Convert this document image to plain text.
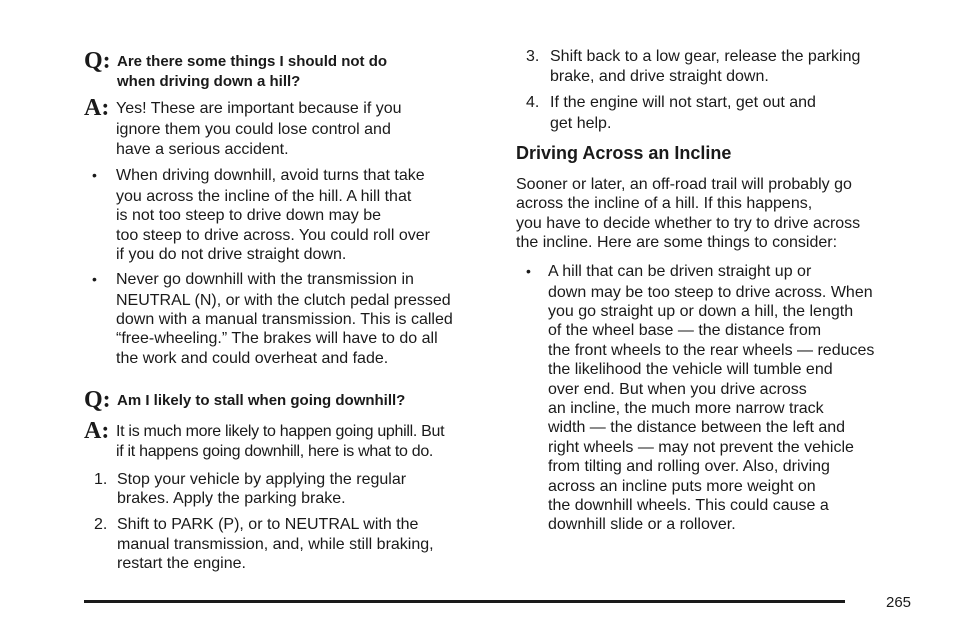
Q: Are there some things I should not do
when driving down a hill?
A: Yes! These are important because if you
ignore them you could lose control and
have a serious accident.
• When driving downhill, avoid turns that take
you across the incline of the hill. A hill that
is not too steep to drive down may be
too steep to drive across. You could roll over
if you do not drive straight down.
• Never go downhill with the transmission in
NEUTRAL (N), or with the clutch pedal pressed
down with a manual transmission. This is called
“free-wheeling.” The brakes will have to do all
the work and could overheat and fade.
Q: Am I likely to stall when going downhill?
A: It is much more likely to happen going uphill. But
if it happens going downhill, here is what to do.
1. Stop your vehicle by applying the regular
brakes. Apply the parking brake.
2. Shift to PARK (P), or to NEUTRAL with the
manual transmission, and, while still braking,
restart the engine.
3. Shift back to a low gear, release the parking
brake, and drive straight down.
4. If the engine will not start, get out and
get help.
Driving Across an Incline
Sooner or later, an off-road trail will probably go
across the incline of a hill. If this happens,
you have to decide whether to try to drive across
the incline. Here are some things to consider:
• A hill that can be driven straight up or
down may be too steep to drive across. When
you go straight up or down a hill, the length
of the wheel base — the distance from
the front wheels to the rear wheels — reduces
the likelihood the vehicle will tumble end
over end. But when you drive across
an incline, the much more narrow track
width — the distance between the left and
right wheels — may not prevent the vehicle
from tilting and rolling over. Also, driving
across an incline puts more weight on
the downhill wheels. This could cause a
downhill slide or a rollover.
265
